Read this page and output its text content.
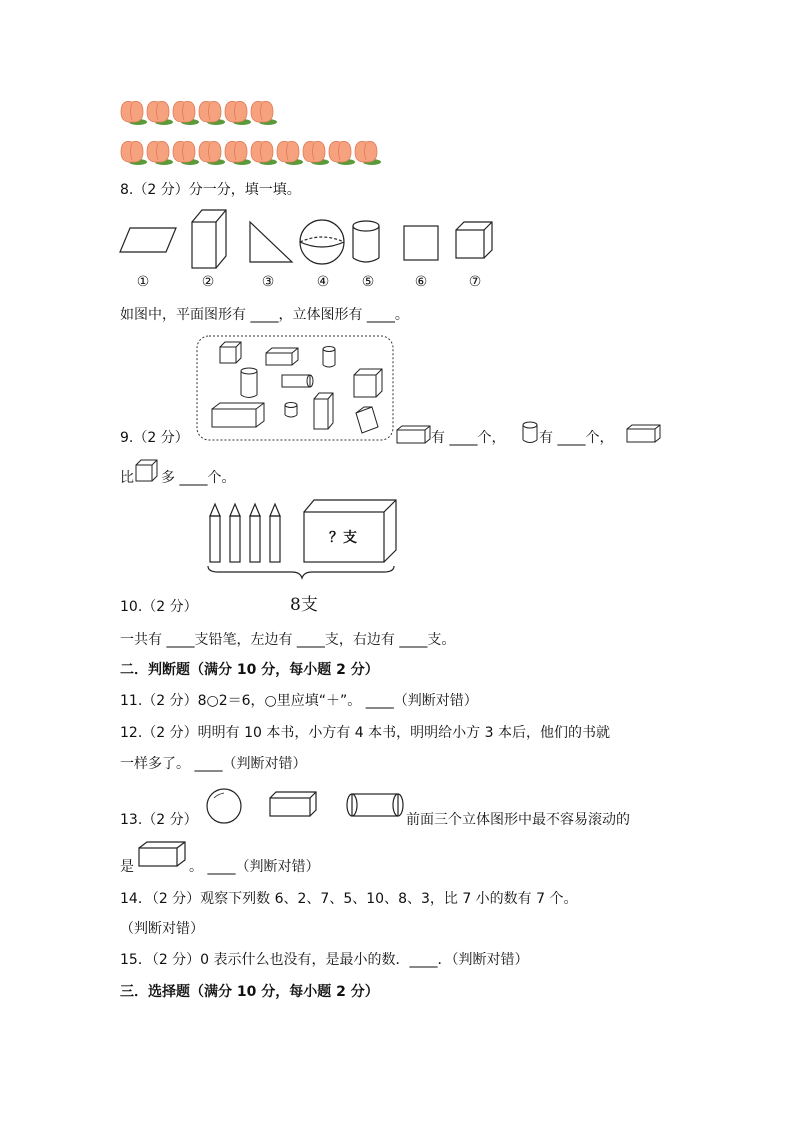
8.（2 分）分一分，填一填。
①	②	③	④ ⑤	⑥	⑦
如图中，平面图形有 ____，立体图形有 ____。
9.（2 分）	有 ____个， 有 ____个，
比 多 ____个。
？支
8支
10.（2 分）
一共有 ____支铅笔，左边有 ____支，右边有 ____支。
二．判断题（满分 10 分，每小题 2 分）
11.（2 分）8○2＝6，○里应填“＋”。 ____（判断对错）
12.（2 分）明明有 10 本书，小方有 4 本书，明明给小方 3 本后，他们的书就
一样多了。 ____（判断对错）
13.（2 分）	前面三个立体图形中最不容易滚动的
是	。 ____（判断对错）
14．（2 分）观察下列数 6、2、7、5、10、8、3，比 7 小的数有 7 个。
（判断对错）
15．（2 分）0 表示什么也没有，是最小的数．____．（判断对错）
三．选择题（满分 10 分，每小题 2 分）
